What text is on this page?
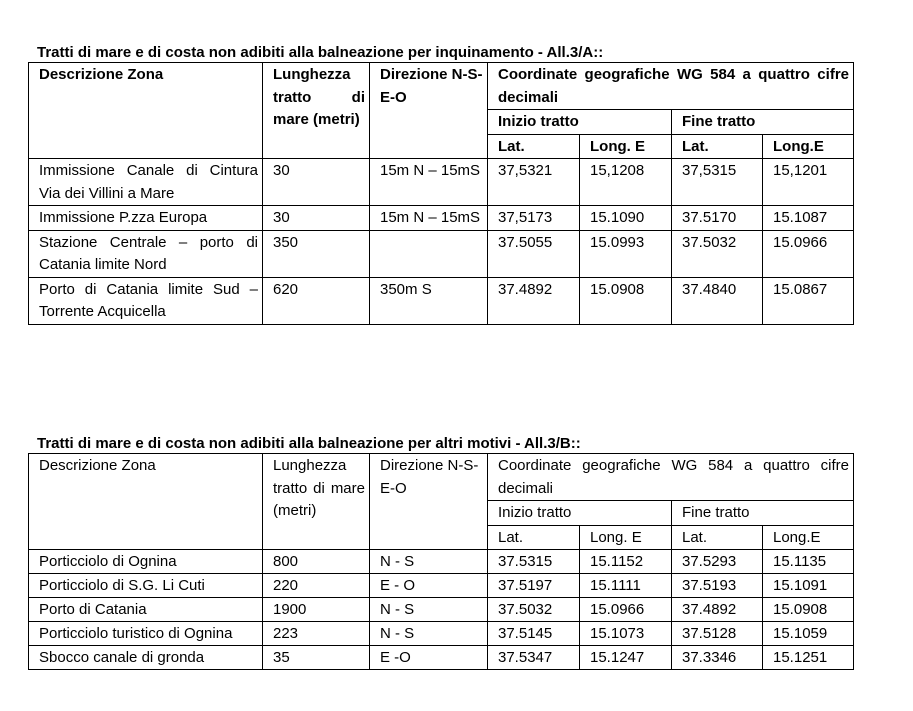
Tratti di mare e di costa non adibiti alla balneazione per inquinamento - All.3/A::
Descrizione Zona	Lunghezza tratto di mare (metri)	Direzione N-S-E-O	Coordinate geografiche WG 584 a quattro cifre decimali			
			Inizio tratto		Fine tratto	
			Lat.	Long. E	Lat.	Long.E
Immissione Canale di Cintura Via dei Villini a Mare	30	15m N – 15mS	37,5321	15,1208	37,5315	15,1201
Immissione P.zza Europa	30	15m N – 15mS	37,5173	15.1090	37.5170	15.1087
Stazione Centrale – porto di Catania limite Nord	350		37.5055	15.0993	37.5032	15.0966
Porto di Catania limite Sud – Torrente Acquicella	620	350m S	37.4892	15.0908	37.4840	15.0867
Tratti di mare e di costa non adibiti alla balneazione per altri motivi - All.3/B::
Descrizione Zona	Lunghezza tratto di mare (metri)	Direzione N-S-E-O	Coordinate geografiche WG 584 a quattro cifre decimali			
			Inizio tratto		Fine tratto	
			Lat.	Long. E	Lat.	Long.E
Porticciolo di Ognina	800	N - S	37.5315	15.1152	37.5293	15.1135
Porticciolo di S.G. Li Cuti	220	E - O	37.5197	15.1111	37.5193	15.1091
Porto di Catania	1900	N - S	37.5032	15.0966	37.4892	15.0908
Porticciolo turistico di Ognina	223	N - S	37.5145	15.1073	37.5128	15.1059
Sbocco canale di gronda	35	E -O	37.5347	15.1247	37.3346	15.1251
